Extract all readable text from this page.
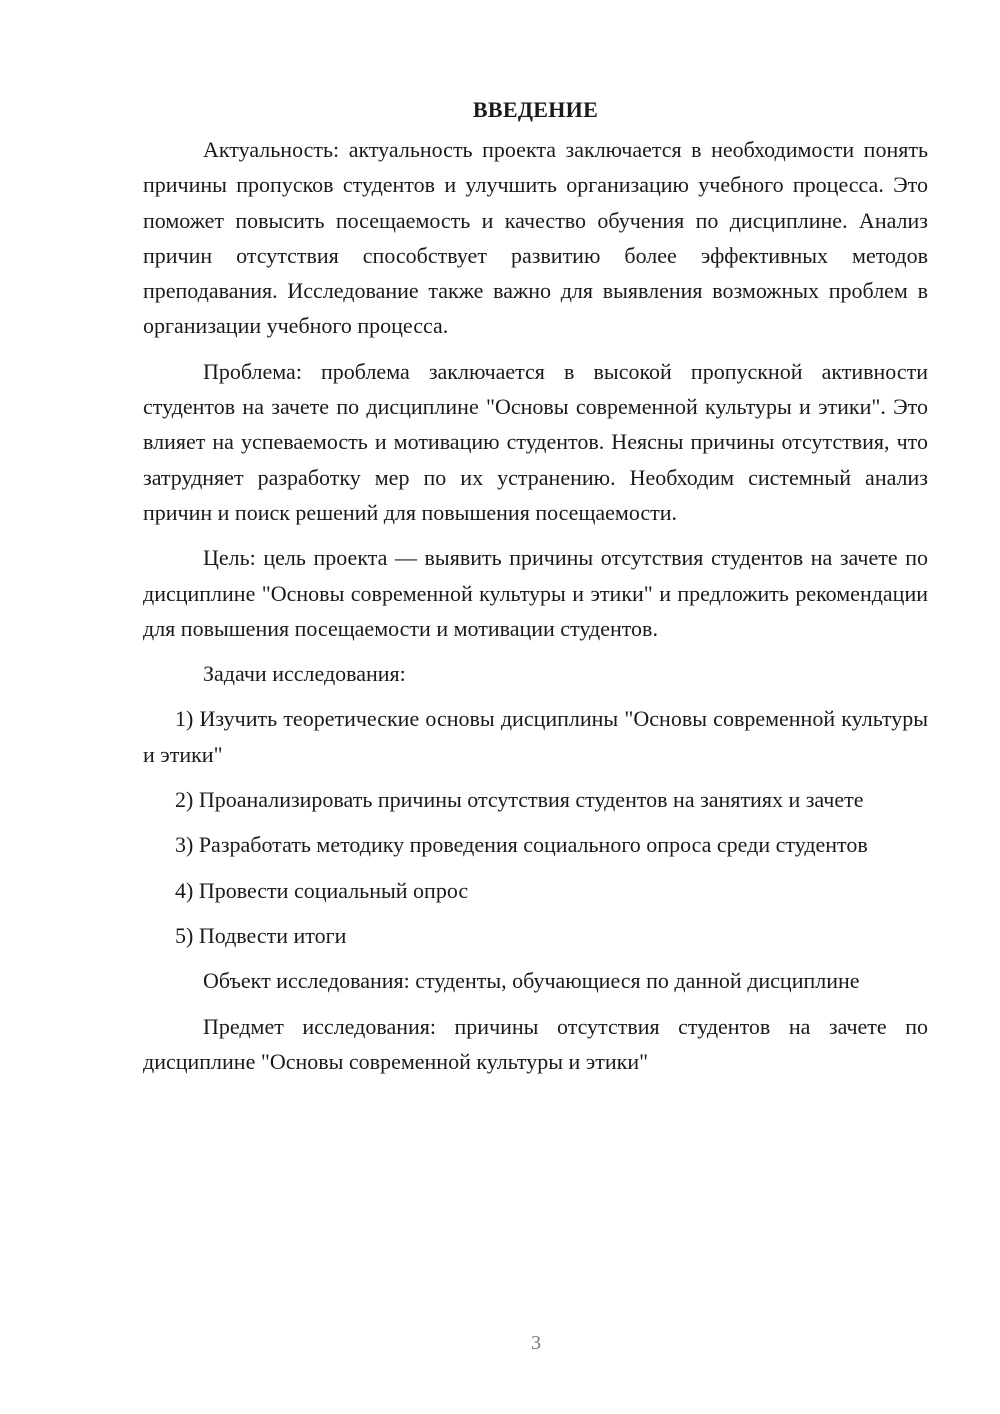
ВВЕДЕНИЕ

Актуальность: актуальность проекта заключается в необходимости понять причины пропусков студентов и улучшить организацию учебного процесса. Это поможет повысить посещаемость и качество обучения по дисциплине. Анализ причин отсутствия способствует развитию более эффективных методов преподавания. Исследование также важно для выявления возможных проблем в организации учебного процесса.

Проблема: проблема заключается в высокой пропускной активности студентов на зачете по дисциплине "Основы современной культуры и этики". Это влияет на успеваемость и мотивацию студентов. Неясны причины отсутствия, что затрудняет разработку мер по их устранению. Необходим системный анализ причин и поиск решений для повышения посещаемости.

Цель: цель проекта — выявить причины отсутствия студентов на зачете по дисциплине "Основы современной культуры и этики" и предложить рекомендации для повышения посещаемости и мотивации студентов.

Задачи исследования:

1) Изучить теоретические основы дисциплины "Основы современной культуры и этики"

2) Проанализировать причины отсутствия студентов на занятиях и зачете

3) Разработать методику проведения социального опроса среди студентов

4) Провести социальный опрос

5) Подвести итоги

Объект исследования: студенты, обучающиеся по данной дисциплине

Предмет исследования: причины отсутствия студентов на зачете по дисциплине "Основы современной культуры и этики"

3
